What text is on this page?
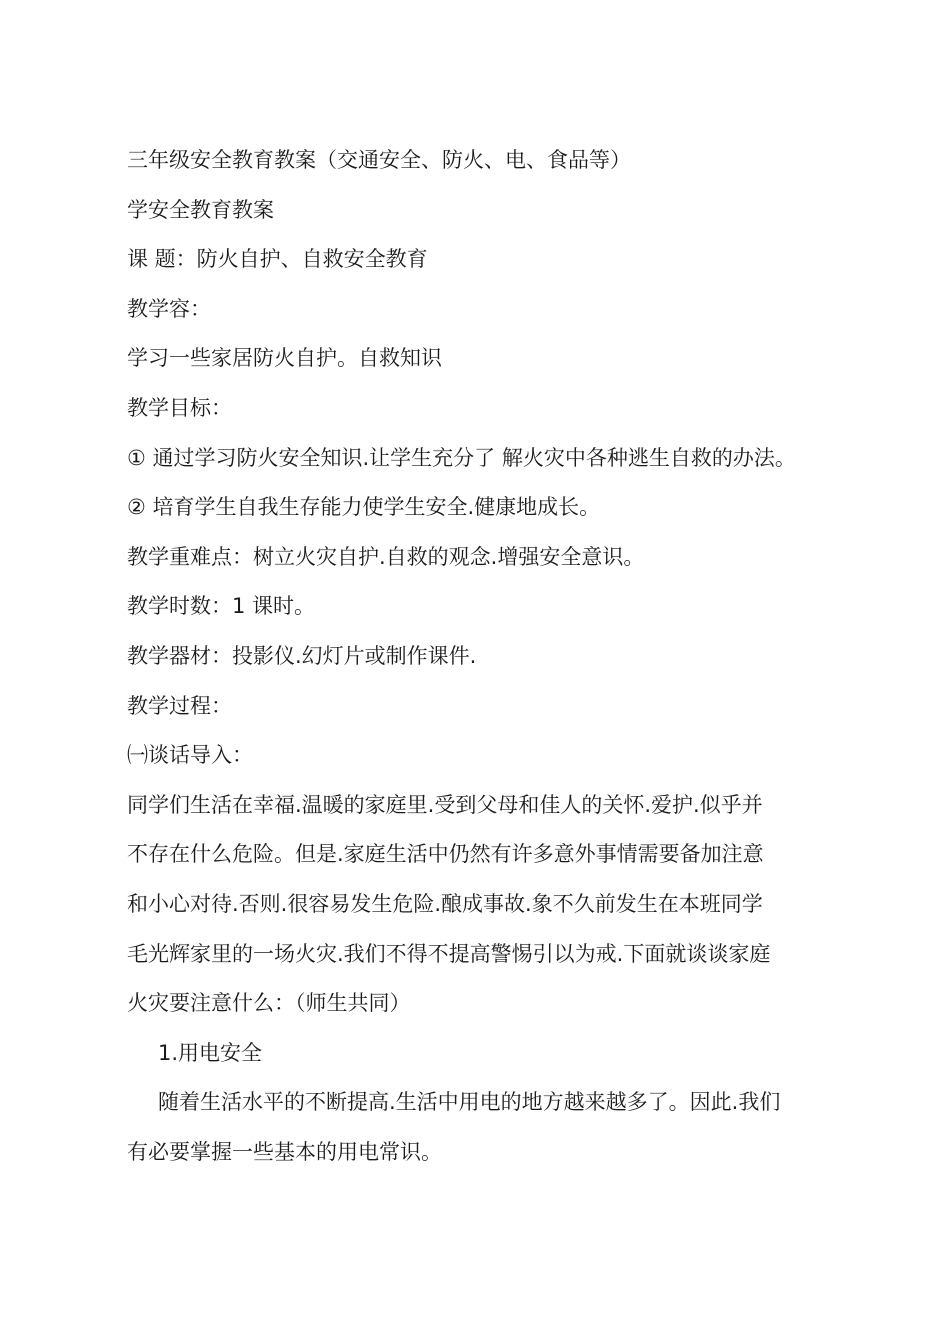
三年级安全教育教案（交通安全、防火、电、食品等）
学安全教育教案
课 题：防火自护、自救安全教育
教学容：
学习一些家居防火自护。自救知识
教学目标：
① 通过学习防火安全知识.让学生充分了 解火灾中各种逃生自救的办法。
② 培育学生自我生存能力使学生安全.健康地成长。
教学重难点：树立火灾自护.自救的观念.增强安全意识。
教学时数：1 课时。
教学器材：投影仪.幻灯片或制作课件.
教学过程：
㈠谈话导入：
同学们生活在幸福.温暖的家庭里.受到父母和佳人的关怀.爱护.似乎并
不存在什么危险。但是.家庭生活中仍然有许多意外事情需要备加注意
和小心对待.否则.很容易发生危险.酿成事故.象不久前发生在本班同学
毛光辉家里的一场火灾.我们不得不提高警惕引以为戒.下面就谈谈家庭
火灾要注意什么：（师生共同）
1.用电安全
随着生活水平的不断提高.生活中用电的地方越来越多了。因此.我们
有必要掌握一些基本的用电常识。
